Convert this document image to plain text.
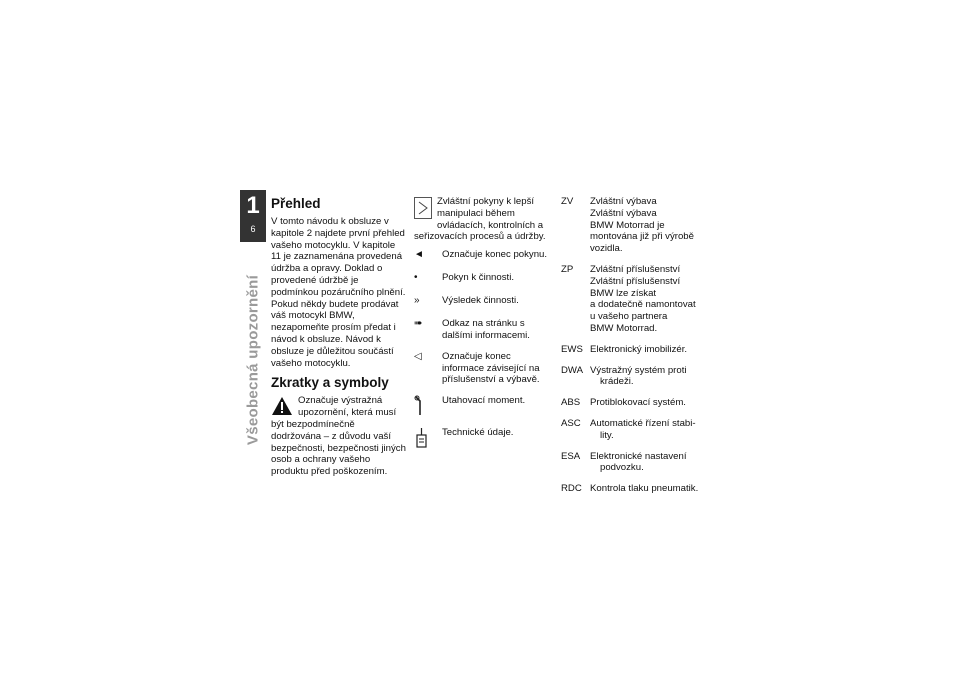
1
6
Všeobecná upozornění
Přehled

V tomto návodu k obsluze v kapitole 2 najdete první přehled vašeho motocyklu. V kapitole 11 je zaznamenána provedená údržba a opravy. Doklad o provedené údržbě je podmínkou pozáručního plnění.

Pokud někdy budete prodávat váš motocykl BMW, nezapomeňte prosím předat i návod k obsluze. Návod k obsluze je důležitou součástí vašeho motocyklu.

Zkratky a symboly
Označuje výstražná upozornění, která musí být bezpodmínečně dodržována – z důvodu vaší bezpečnosti, bezpečnosti jiných osob a ochrany vašeho produktu před poškozením.
Zvláštní pokyny k lepší manipulaci během ovládacích, kontrolních a seřizovacích procesů a údržby.
◄	Označuje konec pokynu.
•	Pokyn k činnosti.
»	Výsledek činnosti.
➠	Odkaz na stránku s dalšími informacemi.
◁	Označuje konec informace závisející na příslušenství a výbavě.
Utahovací moment.
Technické údaje.
ZV	Zvláštní výbava
Zvláštní výbava
BMW Motorrad je
montována již při výrobě
vozidla.
ZP	Zvláštní příslušenství
Zvláštní příslušenství
BMW lze získat
a dodatečně namontovat
u vašeho partnera
BMW Motorrad.
EWS Elektronický imobilizér.
DWA Výstražný systém proti
krádeži.
ABS	Protiblokovací systém.
ASC Automatické řízení stabi-
lity.
ESA	Elektronické nastavení
podvozku.
RDC Kontrola tlaku pneumatik.
